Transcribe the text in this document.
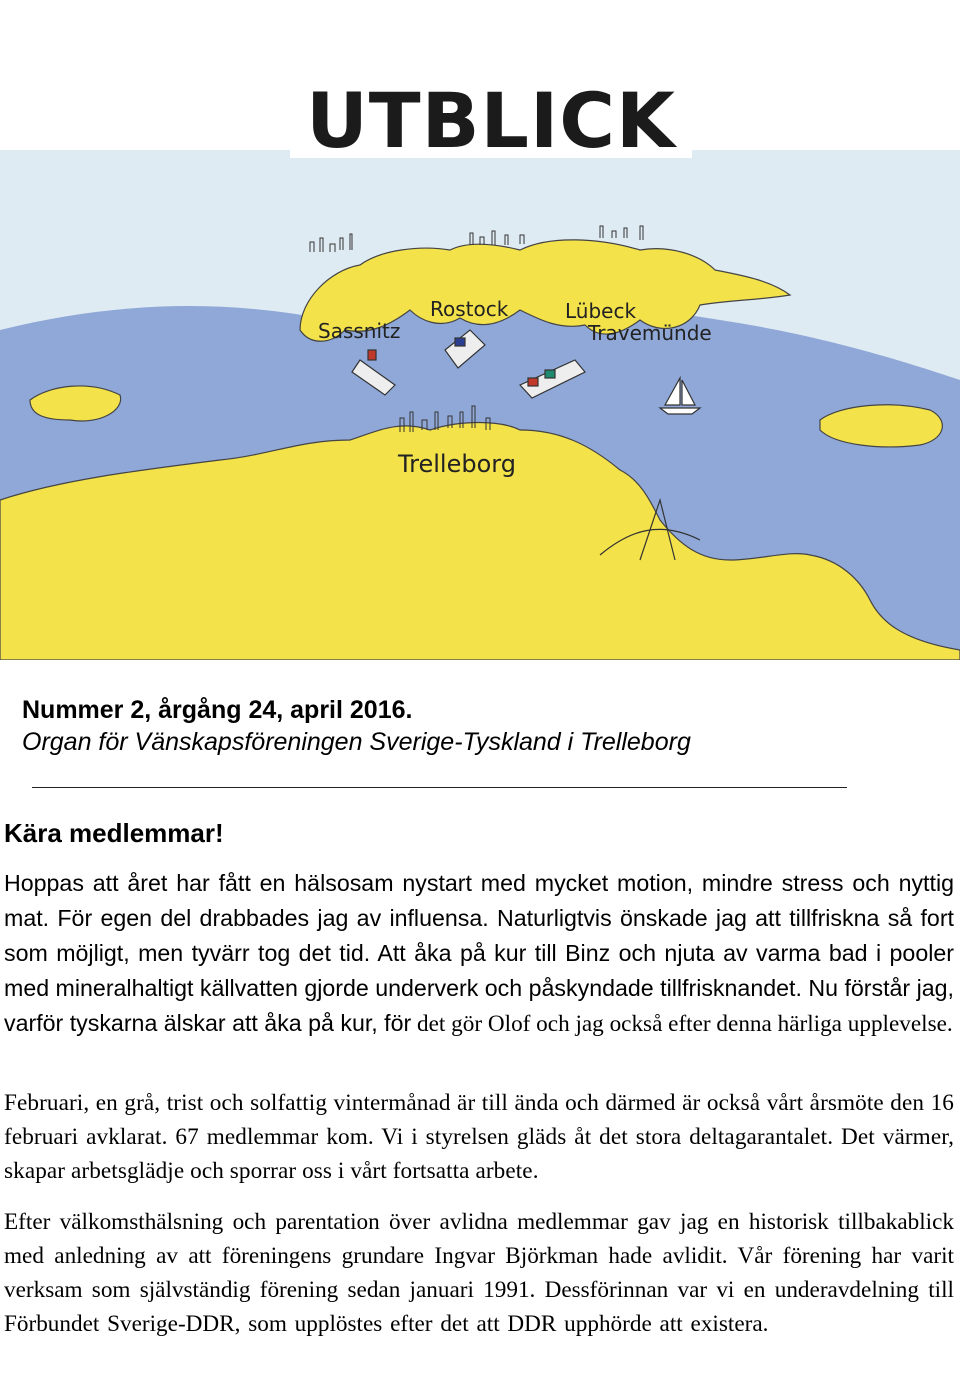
Sassnitz
Rostock	Lübeck
Travemünde
Trelleborg
UTBLICK
Nummer 2, årgång 24, april 2016.
Organ för Vänskapsföreningen Sverige-Tyskland i Trelleborg
Kära medlemmar!
Hoppas att året har fått en hälsosam nystart med mycket motion, mindre stress och nyttig mat. För egen del drabbades jag av influensa. Naturligtvis önskade jag att tillfriskna så fort som möjligt, men tyvärr tog det tid. Att åka på kur till Binz och njuta av varma bad i pooler med mineralhaltigt källvatten gjorde underverk och påskyndade tillfrisknandet. Nu förstår jag, varför tyskarna älskar att åka på kur, för det gör Olof och jag också efter denna härliga upplevelse.
Februari, en grå, trist och solfattig vintermånad är till ända och därmed är också vårt årsmöte den 16 februari avklarat. 67 medlemmar kom. Vi i styrelsen gläds åt det stora deltagarantalet. Det värmer, skapar arbetsglädje och sporrar oss i vårt fortsatta arbete.
Efter välkomsthälsning och parentation över avlidna medlemmar gav jag en historisk tillbakablick med anledning av att föreningens grundare Ingvar Björkman hade avlidit. Vår förening har varit verksam som självständig förening sedan januari 1991. Dessförinnan var vi en underavdelning till Förbundet Sverige-DDR, som upplöstes efter det att DDR upphörde att existera.
